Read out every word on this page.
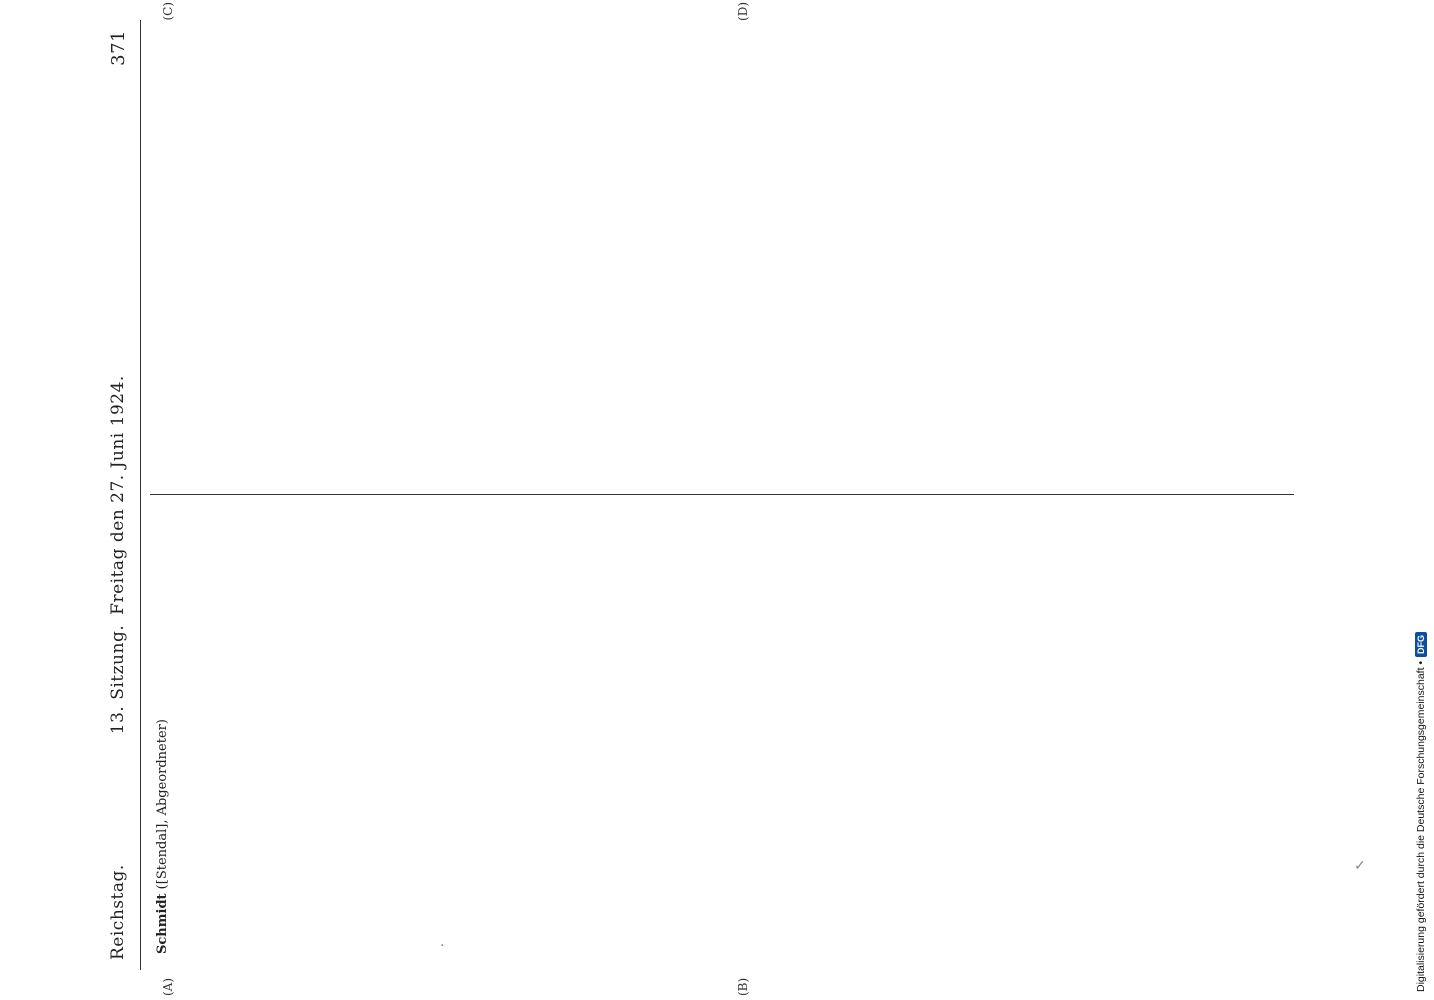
Reichstag.
13. Sitzung.
Freitag den 27. Juni 1924.
371
(A)	(B)
Schmidt ([Stendal], Abgeordneter)
(C)	(D)
Digitalisierung gefördert durch die Deutsche Forschungsgemeinschaft •
DFG
✓
·
